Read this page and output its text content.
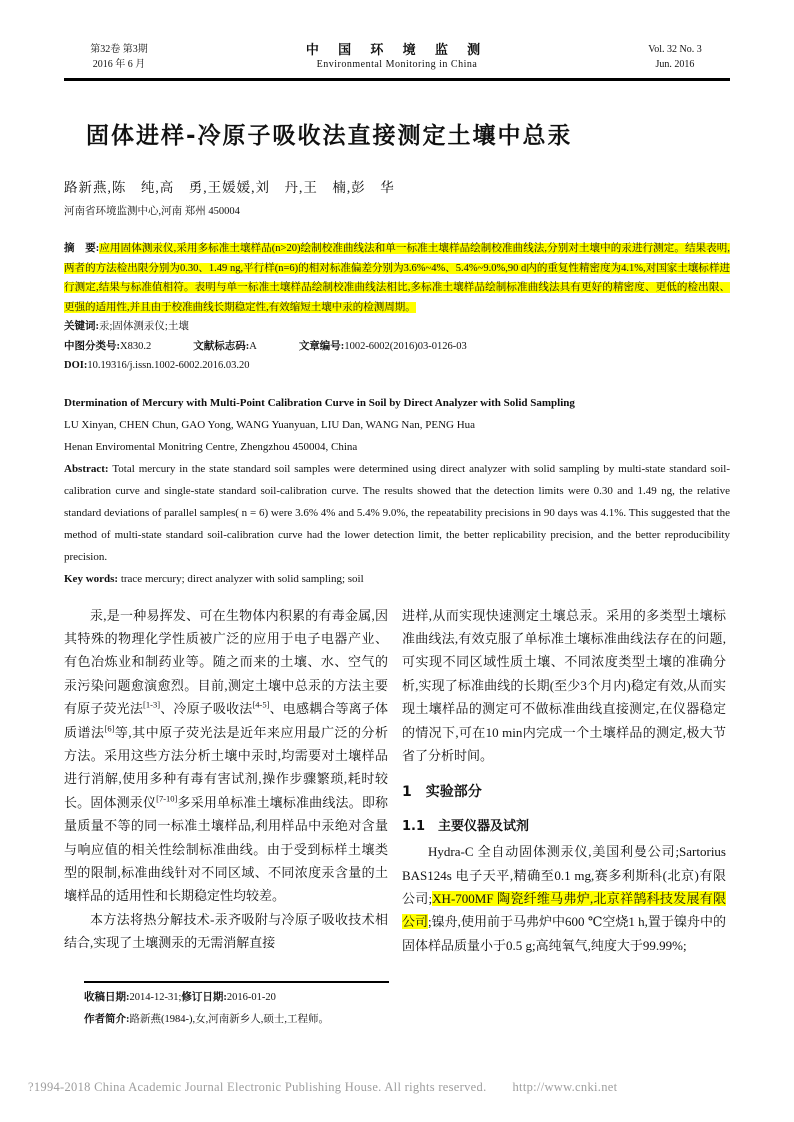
第32卷 第3期
2016 年 6 月
中 国 环 境 监 测
Environmental Monitoring in China
Vol. 32 No. 3
Jun. 2016
固体进样-冷原子吸收法直接测定土壤中总汞
路新燕,陈　纯,高　勇,王媛媛,刘　丹,王　楠,彭　华
河南省环境监测中心,河南 郑州 450004
摘　要:应用固体测汞仪,采用多标准土壤样品(n>20)绘制校准曲线法和单一标准土壤样品绘制校准曲线法,分别对土壤中的汞进行测定。结果表明,两者的方法检出限分别为0.30、1.49 ng,平行样(n=6)的相对标准偏差分别为3.6%~4%、5.4%~9.0%,90 d内的重复性精密度为4.1%,对国家土壤标样进行测定,结果与标准值相符。表明与单一标准土壤样品绘制校准曲线法相比,多标准土壤样品绘制标准曲线法具有更好的精密度、更低的检出限、更强的适用性,并且由于校准曲线长期稳定性,有效缩短土壤中汞的检测周期。
关键词:汞;固体测汞仪;土壤
中图分类号:X830.2	文献标志码:A	文章编号:1002-6002(2016)03-0126-03
DOI:10.19316/j.issn.1002-6002.2016.03.20
Dtermination of Mercury with Multi-Point Calibration Curve in Soil by Direct Analyzer with Solid Sampling
LU Xinyan, CHEN Chun, GAO Yong, WANG Yuanyuan, LIU Dan, WANG Nan, PENG Hua
Henan Enviromental Monitring Centre, Zhengzhou 450004, China
Abstract: Total mercury in the state standard soil samples were determined using direct analyzer with solid sampling by multi-state standard soil-calibration curve and single-state standard soil-calibration curve. The results showed that the detection limits were 0.30 and 1.49 ng, the relative standard deviations of parallel samples( n = 6) were 3.6% 4% and 5.4% 9.0%, the repeatability precisions in 90 days was 4.1%. This suggested that the method of multi-state standard soil-calibration curve had the lower detection limit, the better replicability precision, and the better reproducibility precision.
Key words: trace mercury; direct analyzer with solid sampling; soil

汞,是一种易挥发、可在生物体内积累的有毒金属,因其特殊的物理化学性质被广泛的应用于电子电器产业、有色冶炼业和制药业等。随之而来的土壤、水、空气的汞污染问题愈演愈烈。目前,测定土壤中总汞的方法主要有原子荧光法[1-3]、冷原子吸收法[4-5]、电感耦合等离子体质谱法[6]等,其中原子荧光法是近年来应用最广泛的分析方法。采用这些方法分析土壤中汞时,均需要对土壤样品进行消解,使用多种有毒有害试剂,操作步骤繁琐,耗时较长。固体测汞仪[7-10]多采用单标准土壤标准曲线法。即称量质量不等的同一标准土壤样品,利用样品中汞绝对含量与响应值的相关性绘制标准曲线。由于受到标样土壤类型的限制,标准曲线针对不同区域、不同浓度汞含量的土壤样品的适用性和长期稳定性均较差。

本方法将热分解技术-汞齐吸附与冷原子吸收技术相结合,实现了土壤测汞的无需消解直接

进样,从而实现快速测定土壤总汞。采用的多类型土壤标准曲线法,有效克服了单标准土壤标准曲线法存在的问题,可实现不同区域性质土壤、不同浓度类型土壤的准确分析,实现了标准曲线的长期(至少3个月内)稳定有效,从而实现土壤样品的测定可不做标准曲线直接测定,在仪器稳定的情况下,可在10 min内完成一个土壤样品的测定,极大节省了分析时间。

1　实验部分
1.1　主要仪器及试剂

Hydra-C 全自动固体测汞仪,美国利曼公司;Sartorius BAS124s 电子天平,精确至0.1 mg,赛多利斯科(北京)有限公司;XH-700MF 陶瓷纤维马弗炉,北京祥鹄科技发展有限公司;镍舟,使用前于马弗炉中600 ℃空烧1 h,置于镍舟中的固体样品质量小于0.5 g;高纯氧气,纯度大于99.99%;

收稿日期:2014-12-31;修订日期:2016-01-20
作者简介:路新燕(1984-),女,河南新乡人,硕士,工程师。
?1994-2018 China Academic Journal Electronic Publishing House. All rights reserved. http://www.cnki.net
